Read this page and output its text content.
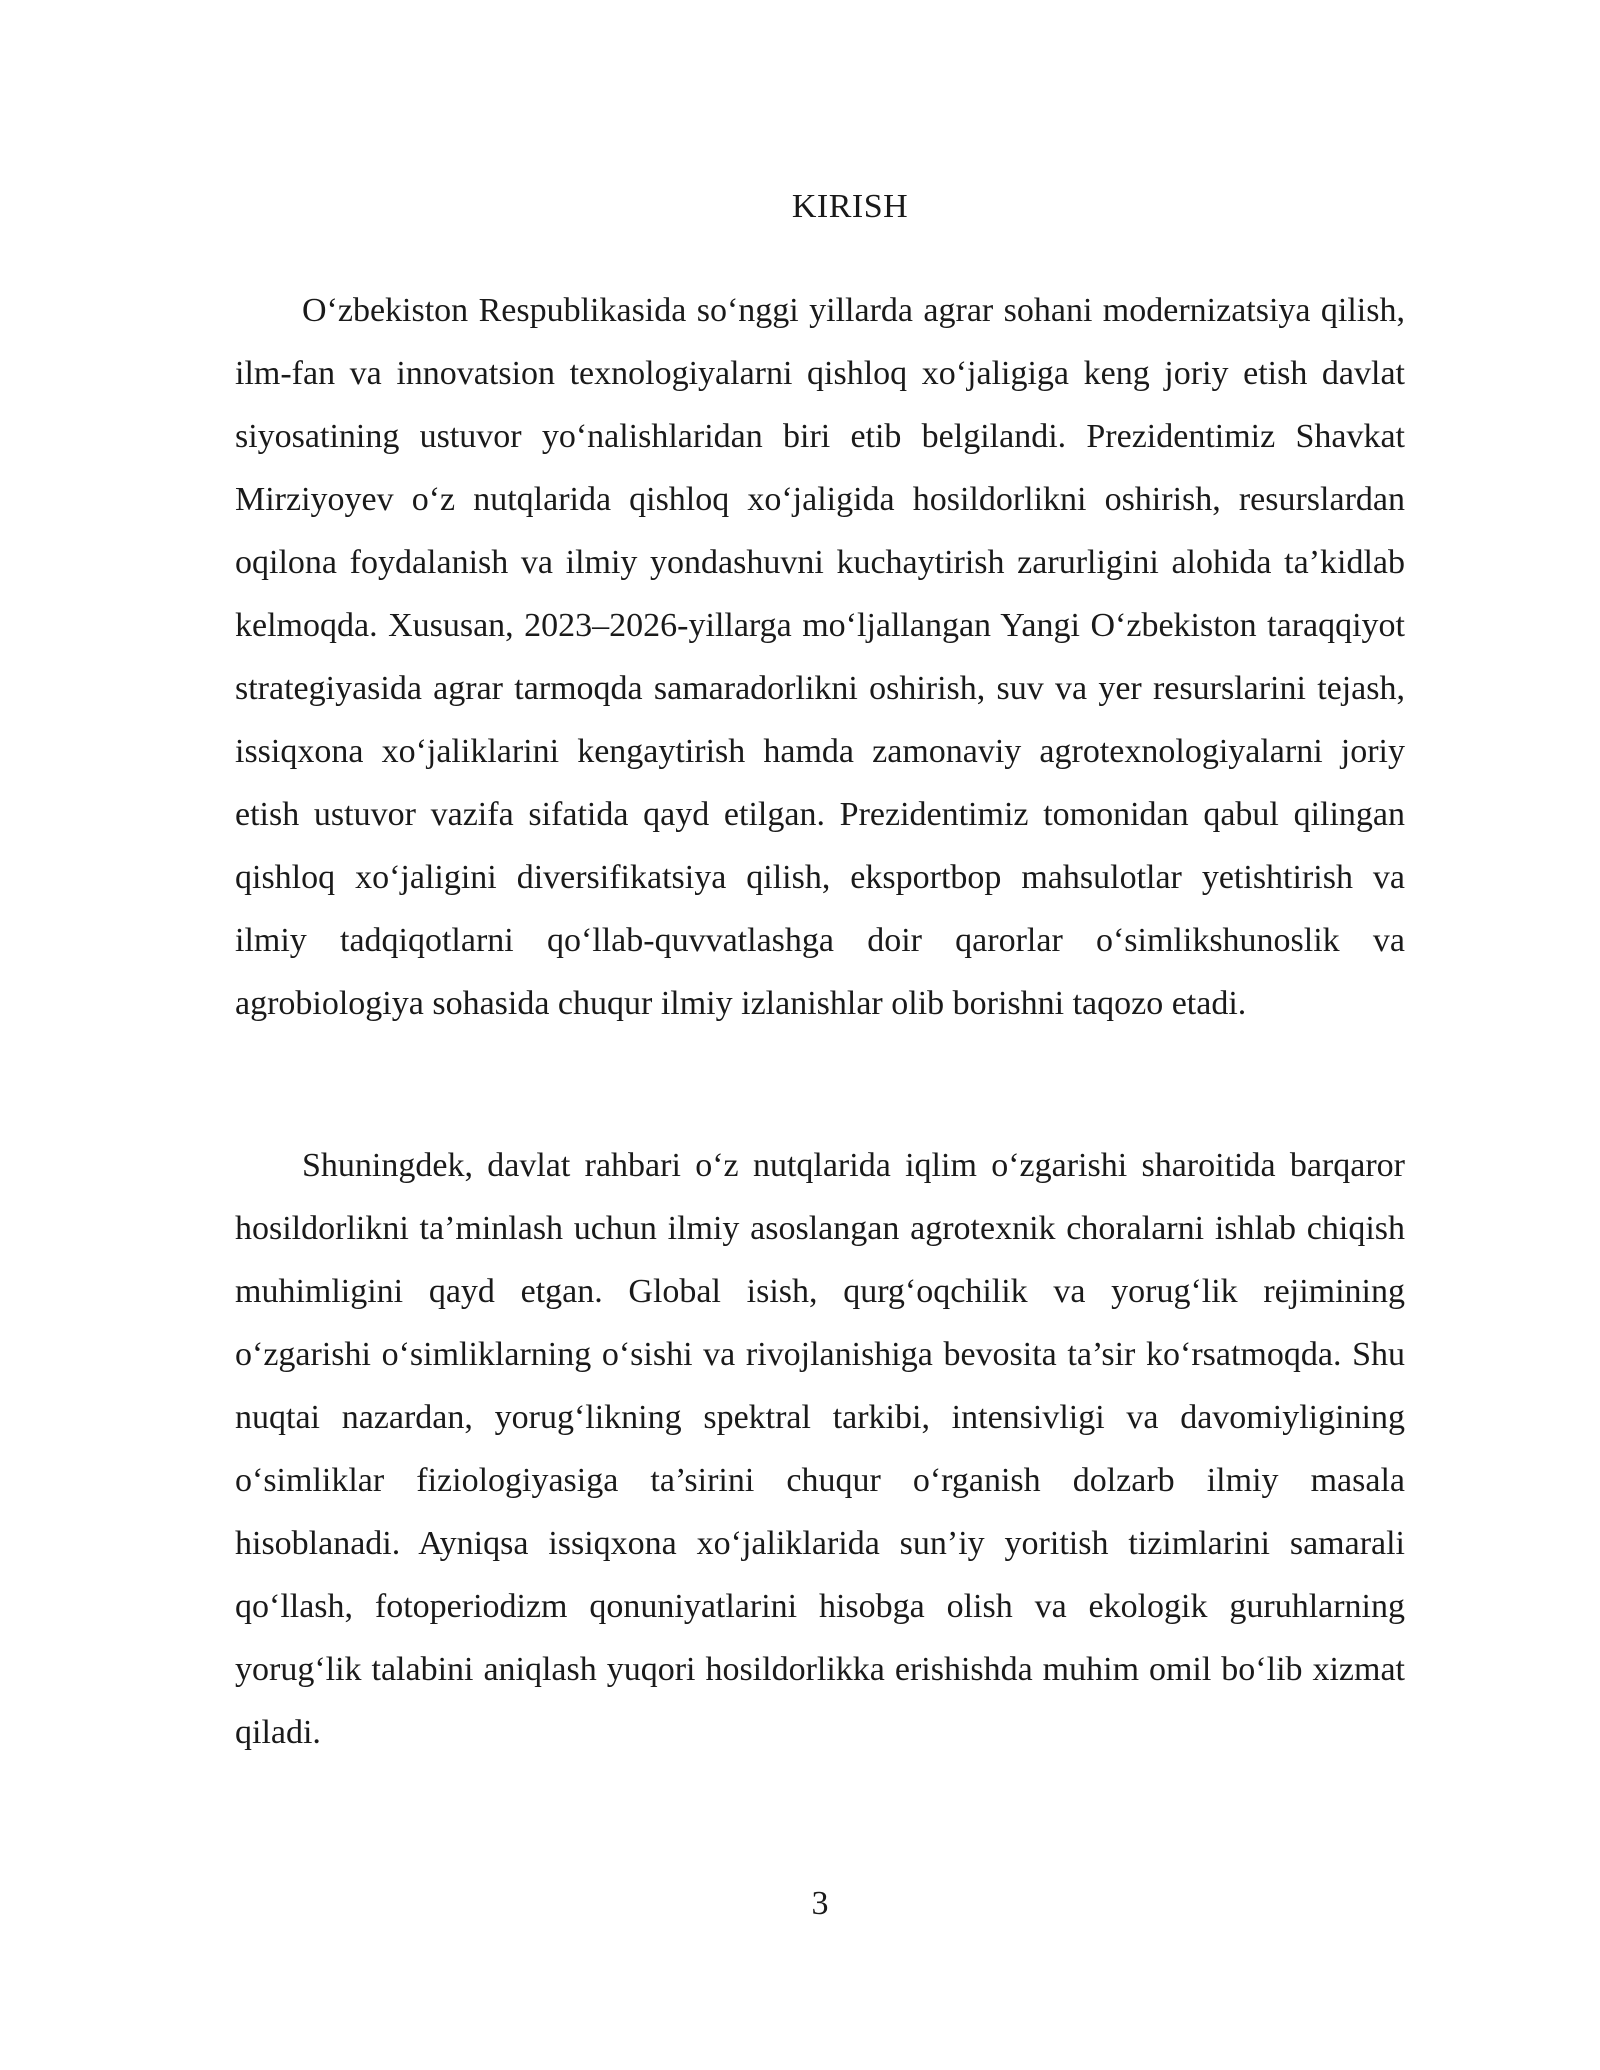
KIRISH

O‘zbekiston Respublikasida so‘nggi yillarda agrar sohani modernizatsiya qilish, ilm-fan va innovatsion texnologiyalarni qishloq xo‘jaligiga keng joriy etish davlat siyosatining ustuvor yo‘nalishlaridan biri etib belgilandi. Prezidentimiz Shavkat Mirziyoyev o‘z nutqlarida qishloq xo‘jaligida hosildorlikni oshirish, resurslardan oqilona foydalanish va ilmiy yondashuvni kuchaytirish zarurligini alohida ta’kidlab kelmoqda. Xususan, 2023–2026-yillarga mo‘ljallangan Yangi O‘zbekiston taraqqiyot strategiyasida agrar tarmoqda samaradorlikni oshirish, suv va yer resurslarini tejash, issiqxona xo‘jaliklarini kengaytirish hamda zamonaviy agrotexnologiyalarni joriy etish ustuvor vazifa sifatida qayd etilgan. Prezidentimiz tomonidan qabul qilingan qishloq xo‘jaligini diversifikatsiya qilish, eksportbop mahsulotlar yetishtirish va ilmiy tadqiqotlarni qo‘llab-quvvatlashga doir qarorlar o‘simlikshunoslik va agrobiologiya sohasida chuqur ilmiy izlanishlar olib borishni taqozo etadi.

Shuningdek, davlat rahbari o‘z nutqlarida iqlim o‘zgarishi sharoitida barqaror hosildorlikni ta’minlash uchun ilmiy asoslangan agrotexnik choralarni ishlab chiqish muhimligini qayd etgan. Global isish, qurg‘oqchilik va yorug‘lik rejimining o‘zgarishi o‘simliklarning o‘sishi va rivojlanishiga bevosita ta’sir ko‘rsatmoqda. Shu nuqtai nazardan, yorug‘likning spektral tarkibi, intensivligi va davomiyligining o‘simliklar fiziologiyasiga ta’sirini chuqur o‘rganish dolzarb ilmiy masala hisoblanadi. Ayniqsa issiqxona xo‘jaliklarida sun’iy yoritish tizimlarini samarali qo‘llash, fotoperiodizm qonuniyatlarini hisobga olish va ekologik guruhlarning yorug‘lik talabini aniqlash yuqori hosildorlikka erishishda muhim omil bo‘lib xizmat qiladi.

3
